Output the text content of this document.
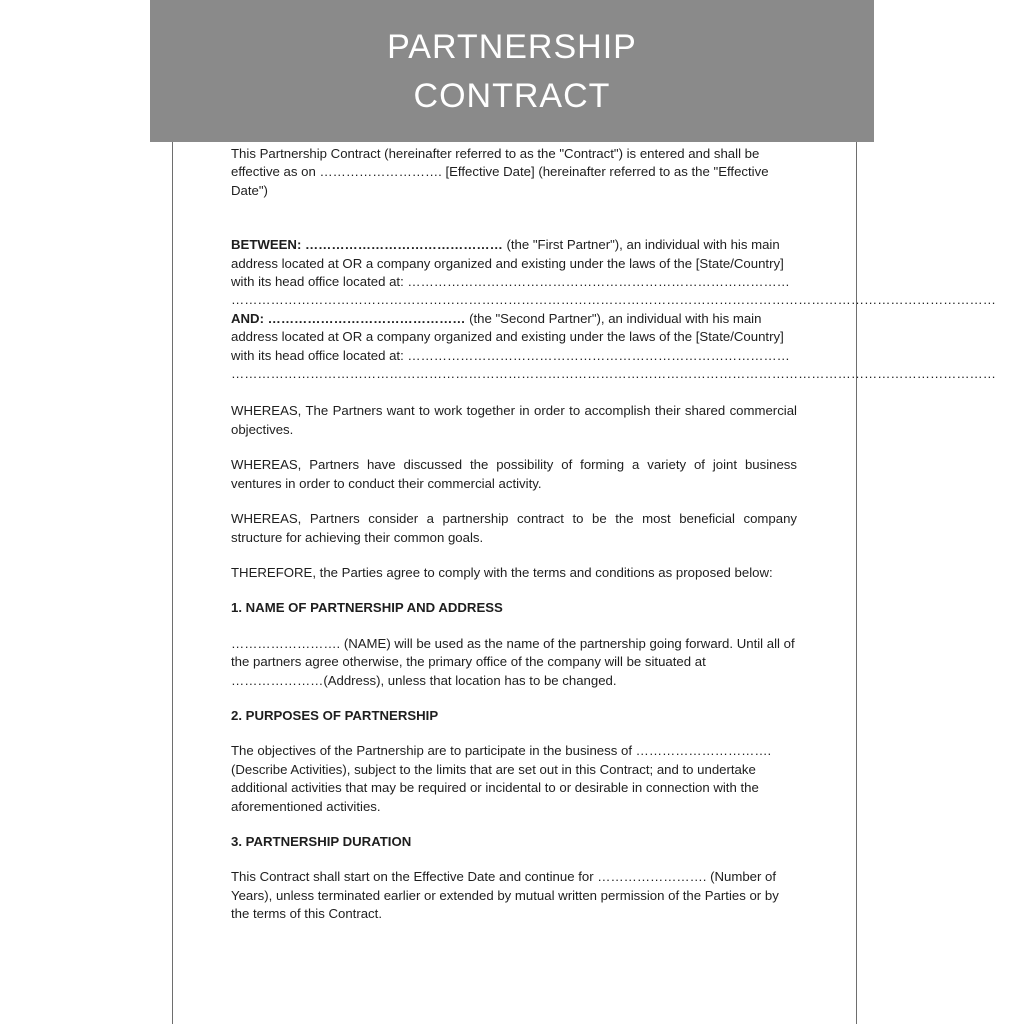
PARTNERSHIP
CONTRACT

This Partnership Contract (hereinafter referred to as the "Contract") is entered and shall be effective as on ………………………. [Effective Date] (hereinafter referred to as the "Effective Date")

BETWEEN: ……………………………………… (the "First Partner"), an individual with his main address located at OR a company organized and existing under the laws of the [State/Country] with its head office located at: ……………………………………………………………………………

…………………………………………………………………………………………………………………………………………………………

AND: ……………………………………… (the "Second Partner"), an individual with his main address located at OR a company organized and existing under the laws of the [State/Country] with its head office located at: ……………………………………………………………………………

…………………………………………………………………………………………………………………………………………………………

WHEREAS, The Partners want to work together in order to accomplish their shared commercial objectives.

WHEREAS, Partners have discussed the possibility of forming a variety of joint business ventures in order to conduct their commercial activity.

WHEREAS, Partners consider a partnership contract to be the most beneficial company structure for achieving their common goals.

THEREFORE, the Parties agree to comply with the terms and conditions as proposed below:

1. NAME OF PARTNERSHIP AND ADDRESS

……………………. (NAME) will be used as the name of the partnership going forward. Until all of the partners agree otherwise, the primary office of the company will be situated at …………………(Address), unless that location has to be changed.

2. PURPOSES OF PARTNERSHIP

The objectives of the Partnership are to participate in the business of …………………………. (Describe Activities), subject to the limits that are set out in this Contract; and to undertake additional activities that may be required or incidental to or desirable in connection with the aforementioned activities.

3. PARTNERSHIP DURATION

This Contract shall start on the Effective Date and continue for ……………………. (Number of Years), unless terminated earlier or extended by mutual written permission of the Parties or by the terms of this Contract.
